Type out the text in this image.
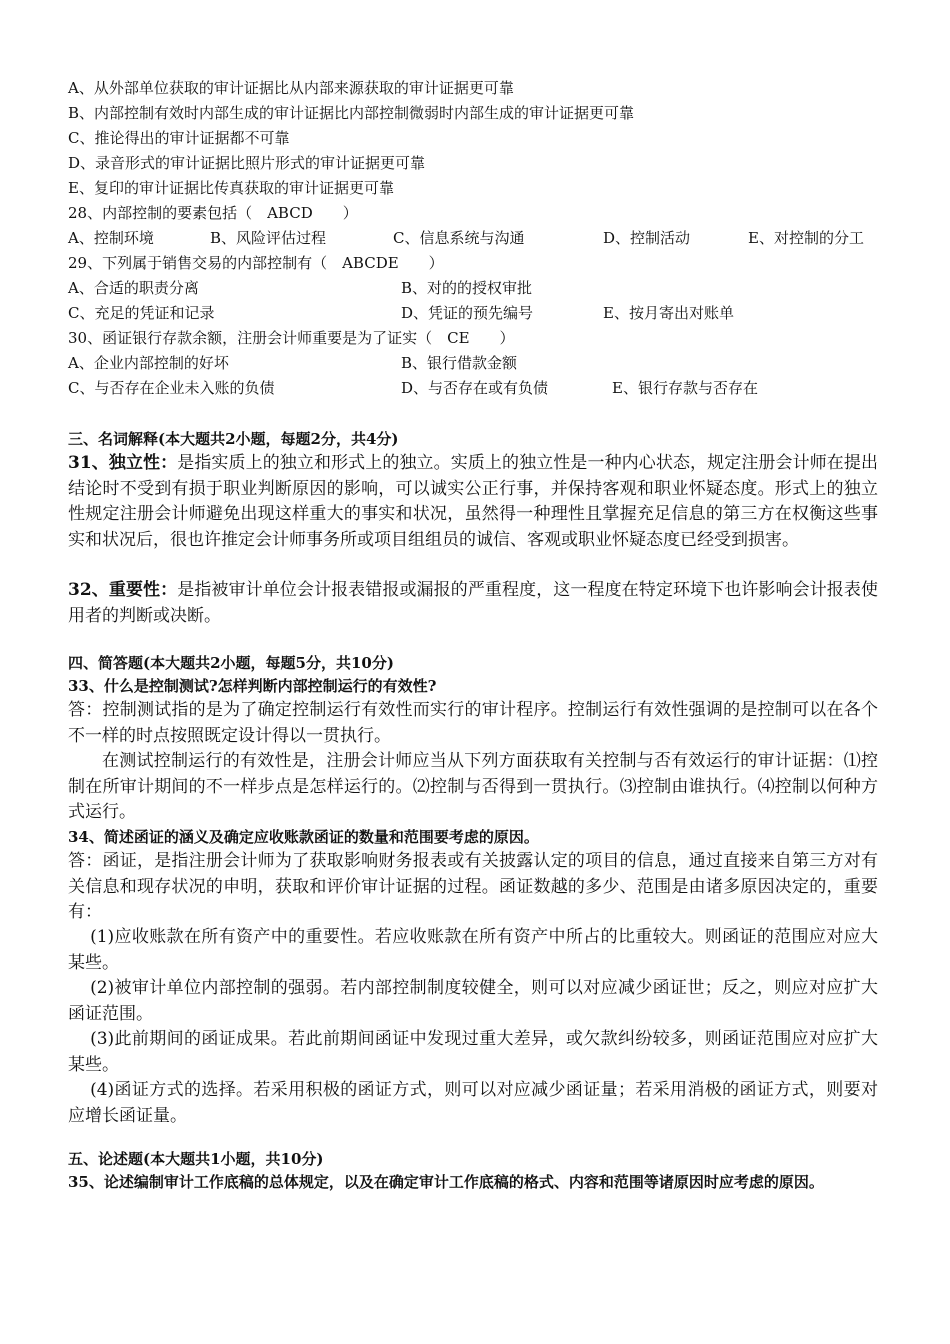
A、从外部单位获取的审计证据比从内部来源获取的审计证据更可靠
B、内部控制有效时内部生成的审计证据比内部控制微弱时内部生成的审计证据更可靠
C、推论得出的审计证据都不可靠
D、录音形式的审计证据比照片形式的审计证据更可靠
E、复印的审计证据比传真获取的审计证据更可靠
28、内部控制的要素包括（　ABCD　　）
A、控制环境	B、风险评估过程	C、信息系统与沟通	D、控制活动	E、对控制的分工
29、下列属于销售交易的内部控制有（　ABCDE　　）
A、合适的职责分离	B、对的的授权审批
C、充足的凭证和记录	D、凭证的预先编号	E、按月寄出对账单
30、函证银行存款余额，注册会计师重要是为了证实（　CE　　）
A、企业内部控制的好坏	B、银行借款金额
C、与否存在企业未入账的负债	D、与否存在或有负债	E、银行存款与否存在
三、名词解释(本大题共2小题，每题2分，共4分)
31、独立性：是指实质上的独立和形式上的独立。实质上的独立性是一种内心状态，规定注册会计师在提出结论时不受到有损于职业判断原因的影响，可以诚实公正行事，并保持客观和职业怀疑态度。形式上的独立性规定注册会计师避免出现这样重大的事实和状况，虽然得一种理性且掌握充足信息的第三方在权衡这些事实和状况后，很也许推定会计师事务所或项目组组员的诚信、客观或职业怀疑态度已经受到损害。
32、重要性：是指被审计单位会计报表错报或漏报的严重程度，这一程度在特定环境下也许影响会计报表使用者的判断或决断。
四、简答题(本大题共2小题，每题5分，共10分)
33、什么是控制测试?怎样判断内部控制运行的有效性?
答：控制测试指的是为了确定控制运行有效性而实行的审计程序。控制运行有效性强调的是控制可以在各个不一样的时点按照既定设计得以一贯执行。
在测试控制运行的有效性是，注册会计师应当从下列方面获取有关控制与否有效运行的审计证据：⑴控制在所审计期间的不一样步点是怎样运行的。⑵控制与否得到一贯执行。⑶控制由谁执行。⑷控制以何种方式运行。
34、简述函证的涵义及确定应收账款函证的数量和范围要考虑的原因。
答：函证，是指注册会计师为了获取影响财务报表或有关披露认定的项目的信息，通过直接来自第三方对有关信息和现存状况的申明，获取和评价审计证据的过程。函证数越的多少、范围是由诸多原因决定的，重要有：
(1)应收账款在所有资产中的重要性。若应收账款在所有资产中所占的比重较大。则函证的范围应对应大某些。
(2)被审计单位内部控制的强弱。若内部控制制度较健全，则可以对应减少函证世；反之，则应对应扩大函证范围。
(3)此前期间的函证成果。若此前期间函证中发现过重大差异，或欠款纠纷较多，则函证范围应对应扩大某些。
(4)函证方式的选择。若采用积极的函证方式，则可以对应减少函证量；若采用消极的函证方式，则要对应增长函证量。
五、论述题(本大题共1小题，共10分)
35、论述编制审计工作底稿的总体规定，以及在确定审计工作底稿的格式、内容和范围等诸原因时应考虑的原因。
